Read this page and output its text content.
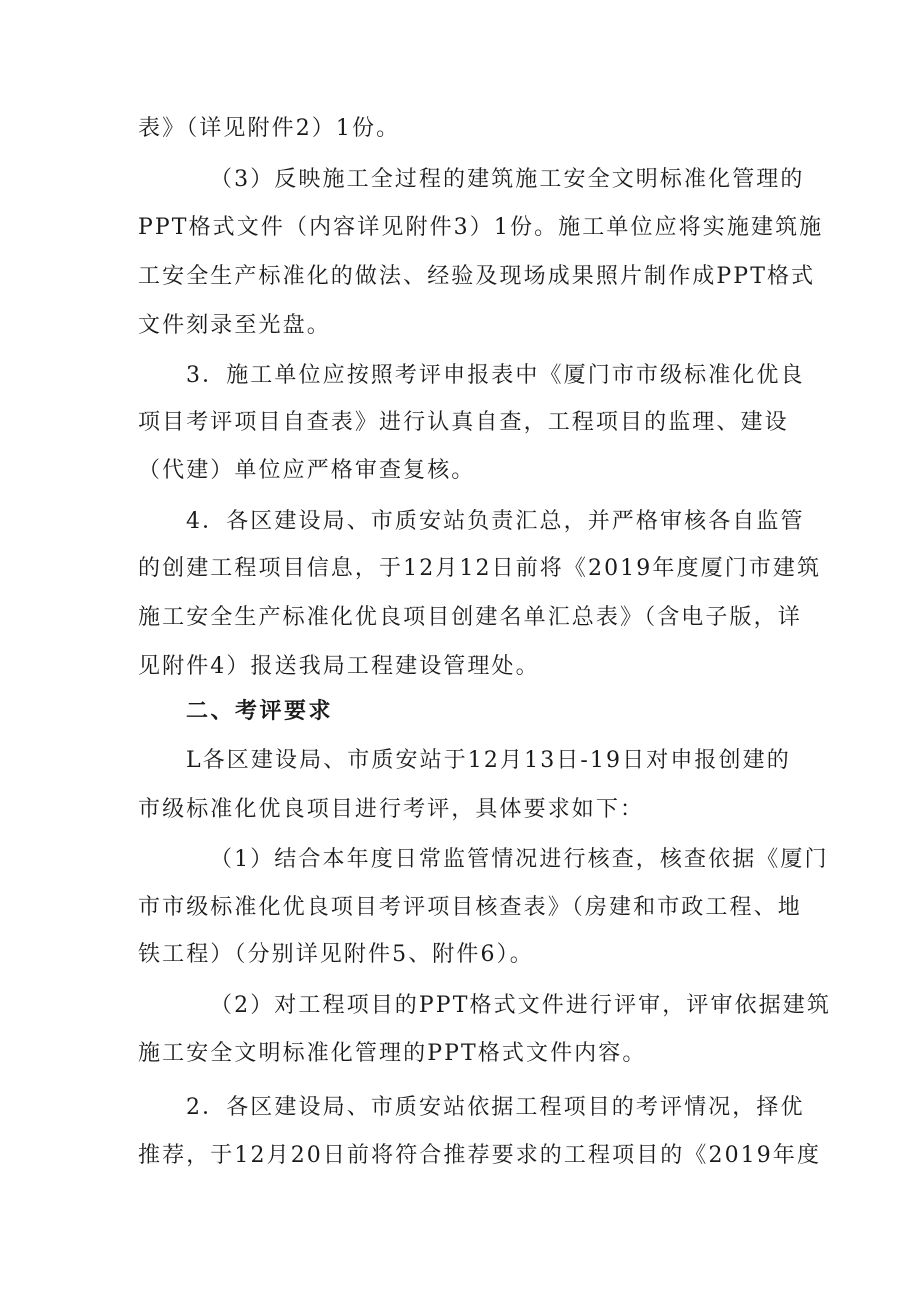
表》（详见附件2）1份。
（3）反映施工全过程的建筑施工安全文明标准化管理的
PPT格式文件（内容详见附件3）1份。施工单位应将实施建筑施
工安全生产标准化的做法、经验及现场成果照片制作成PPT格式
文件刻录至光盘。
3．施工单位应按照考评申报表中《厦门市市级标准化优良
项目考评项目自查表》进行认真自查，工程项目的监理、建设
（代建）单位应严格审查复核。
4．各区建设局、市质安站负责汇总，并严格审核各自监管
的创建工程项目信息，于12月12日前将《2019年度厦门市建筑
施工安全生产标准化优良项目创建名单汇总表》（含电子版，详
见附件4）报送我局工程建设管理处。
二、考评要求
L各区建设局、市质安站于12月13日-19日对申报创建的
市级标准化优良项目进行考评，具体要求如下：
（1）结合本年度日常监管情况进行核查，核查依据《厦门
市市级标准化优良项目考评项目核查表》（房建和市政工程、地
铁工程）（分别详见附件5、附件6）。
（2）对工程项目的PPT格式文件进行评审，评审依据建筑
施工安全文明标准化管理的PPT格式文件内容。
2．各区建设局、市质安站依据工程项目的考评情况，择优
推荐，于12月20日前将符合推荐要求的工程项目的《2019年度
